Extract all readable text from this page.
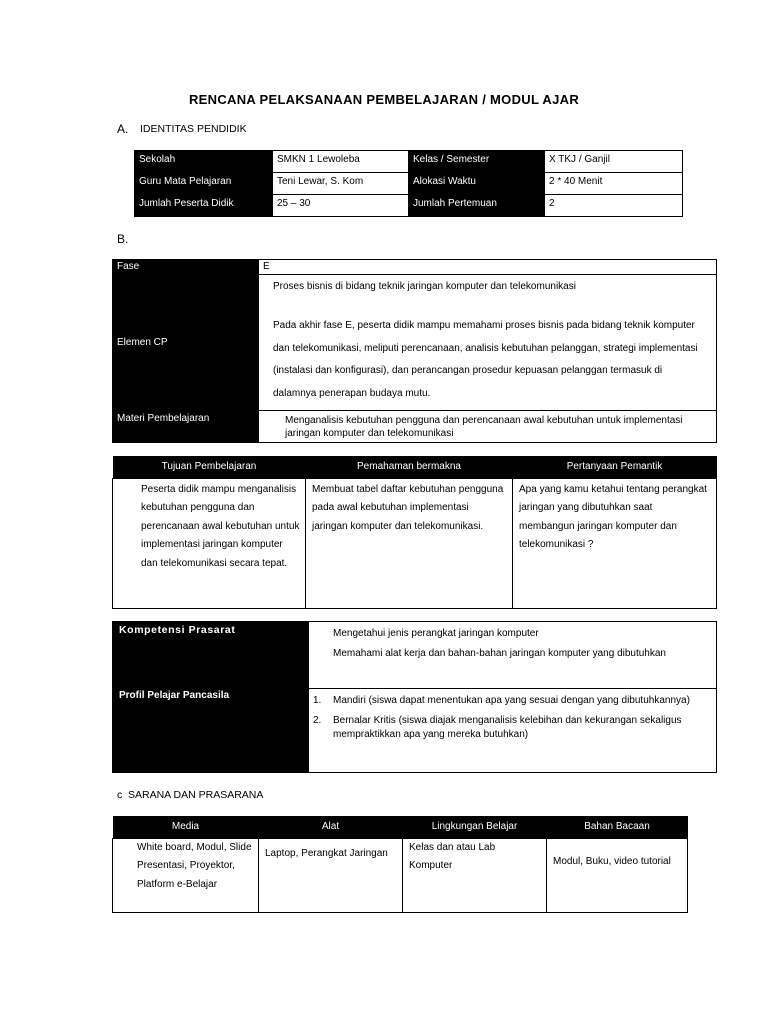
RENCANA PELAKSANAAN PEMBELAJARAN / MODUL AJAR
A. IDENTITAS PENDIDIK
Sekolah	SMKN 1 Lewoleba	Kelas / Semester	X TKJ / Ganjil
Guru Mata Pelajaran	Teni Lewar, S. Kom	Alokasi Waktu	2 * 40 Menit
Jumlah Peserta Didik	25 – 30	Jumlah Pertemuan	2
B.
Fase	E
Elemen CP	Proses bisnis di bidang teknik jaringan komputer dan telekomunikasi
Pada akhir fase E, peserta didik mampu memahami proses bisnis pada bidang teknik komputer dan telekomunikasi, meliputi perencanaan, analisis kebutuhan pelanggan, strategi implementasi (instalasi dan konfigurasi), dan perancangan prosedur kepuasan pelanggan termasuk di dalamnya penerapan budaya mutu.

Materi Pembelajaran	Menganalisis kebutuhan pengguna dan perencanaan awal kebutuhan untuk implementasi jaringan komputer dan telekomunikasi
Tujuan Pembelajaran	Pemahaman bermakna	Pertanyaan Pemantik
Peserta didik mampu menganalisis kebutuhan pengguna dan perencanaan awal kebutuhan untuk implementasi jaringan komputer dan telekomunikasi secara tepat.	Membuat tabel daftar kebutuhan pengguna pada awal kebutuhan implementasi jaringan komputer dan telekomunikasi.	Apa yang kamu ketahui tentang perangkat jaringan yang dibutuhkan saat membangun jaringan komputer dan telekomunikasi ?
Kompetensi Prasarat	Mengetahui jenis perangkat jaringan komputer
Memahami alat kerja dan bahan-bahan jaringan komputer yang dibutuhkan

Profil Pelajar Pancasila	1. Mandiri (siswa dapat menentukan apa yang sesuai dengan yang dibutuhkannya)
2. Bernalar Kritis (siswa diajak menganalisis kelebihan dan kekurangan sekaligus mempraktikkan apa yang mereka butuhkan)
c SARANA DAN PRASARANA
Media	Alat	Lingkungan Belajar	Bahan Bacaan
White board, Modul, Slide Presentasi, Proyektor, Platform e-Belajar	Laptop, Perangkat Jaringan	Kelas dan atau Lab Komputer	Modul, Buku, video tutorial
